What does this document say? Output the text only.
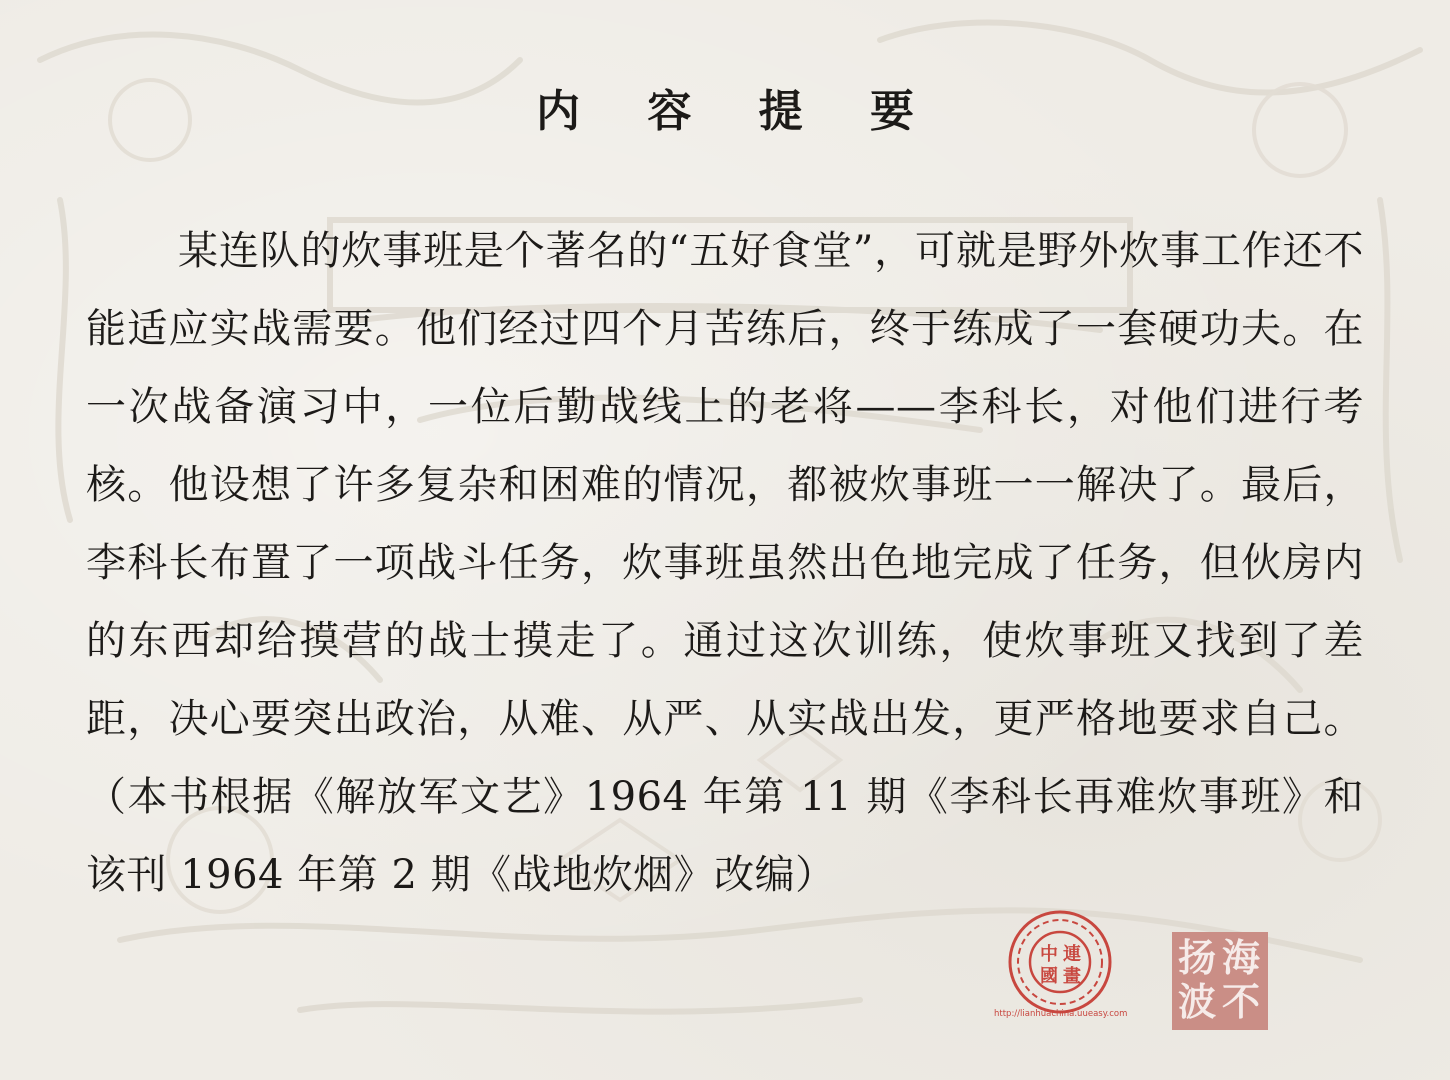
内 容 提 要

某连队的炊事班是个著名的“五好食堂”，可就是野外炊事工作还不能适应实战需要。他们经过四个月苦练后，终于练成了一套硬功夫。在一次战备演习中，一位后勤战线上的老将——李科长，对他们进行考核。他设想了许多复杂和困难的情况，都被炊事班一一解决了。最后，李科长布置了一项战斗任务，炊事班虽然出色地完成了任务，但伙房内的东西却给摸营的战士摸走了。通过这次训练，使炊事班又找到了差距，决心要突出政治，从难、从严、从实战出发，更严格地要求自己。（本书根据《解放军文艺》1964 年第 11 期《李科长再难炊事班》和该刊 1964 年第 2 期《战地炊烟》改编）

連
畫
中
國
http://lianhuachina.uueasy.com
海
不
扬
波
